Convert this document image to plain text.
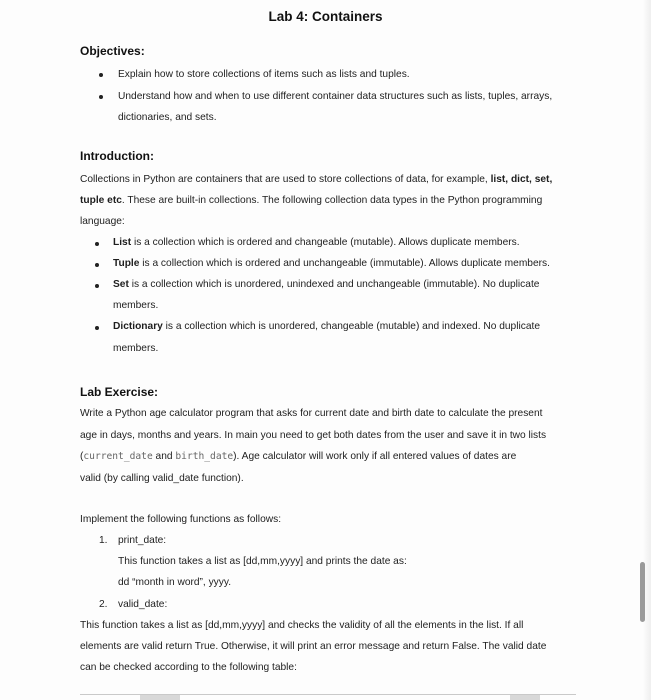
Lab 4: Containers
Objectives:
Explain how to store collections of items such as lists and tuples.
Understand how and when to use different container data structures such as lists, tuples, arrays,
dictionaries, and sets.
Introduction:
Collections in Python are containers that are used to store collections of data, for example, list, dict, set,
tuple etc. These are built-in collections. The following collection data types in the Python programming
language:
List is a collection which is ordered and changeable (mutable). Allows duplicate members.
Tuple is a collection which is ordered and unchangeable (immutable). Allows duplicate members.
Set is a collection which is unordered, unindexed and unchangeable (immutable). No duplicate
members.
Dictionary is a collection which is unordered, changeable (mutable) and indexed. No duplicate
members.
Lab Exercise:
Write a Python age calculator program that asks for current date and birth date to calculate the present
age in days, months and years. In main you need to get both dates from the user and save it in two lists
(current_date and birth_date). Age calculator will work only if all entered values of dates are
valid (by calling valid_date function).
Implement the following functions as follows:
1. print_date:
This function takes a list as [dd,mm,yyyy] and prints the date as:
dd “month in word”, yyyy.
2. valid_date:
This function takes a list as [dd,mm,yyyy] and checks the validity of all the elements in the list. If all
elements are valid return True. Otherwise, it will print an error message and return False. The valid date
can be checked according to the following table:
